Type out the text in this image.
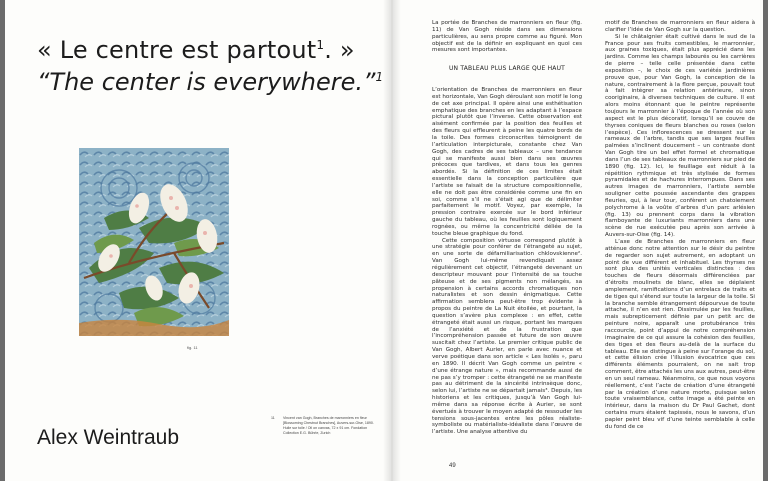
« Le centre est partout$^1$. »
“The center is everywhere.”$^1$
fig. 11
Alex Weintraub
11 Vincent van Gogh, Branches de marronniers en fleur [Blossoming Chestnut Branches], Auvers-sur-Oise, 1890. Huile sur toile / Oil on canvas, 72 x 91 cm. Fondation Collection E.G. Bührle, Zurich

La portée de Branches de marronniers en fleur (fig. 11) de Van Gogh réside dans ses dimensions particulières, au sens propre comme au figuré. Mon objectif est de la définir en expliquant en quoi ces mesures sont importantes.

UN TABLEAU PLUS LARGE QUE HAUT

L’orientation de Branches de marronniers en fleur est horizontale, Van Gogh déroulant son motif le long de cet axe principal. Il opère ainsi une esthétisation emphatique des branches en les adaptant à l’espace pictural plutôt que l’inverse. Cette observation est aisément confirmée par la position des feuilles et des fleurs qui effleurent à peine les quatre bords de la toile. Des formes circonscrites témoignent de l’articulation interpicturale, constante chez Van Gogh, des cadres de ses tableaux – une tendance qui se manifeste aussi bien dans ses œuvres précoces que tardives, et dans tous les genres abordés. Si la définition de ces limites était essentielle dans la conception particulière que l’artiste se faisait de la structure compositionnelle, elle ne doit pas être considérée comme une fin en soi, comme s’il ne s’était agi que de délimiter parfaitement le motif. Voyez, par exemple, la pression contraire exercée sur le bord inférieur gauche du tableau, où les feuilles sont logiquement rognées, ou même la concentricité déliée de la touche bleue graphique du fond.

Cette composition virtuose correspond plutôt à une stratégie pour conférer de l’étrangeté au sujet, en une sorte de défamiliarisation chklovskienne². Van Gogh lui-même revendiquait assez régulièrement cet objectif, l’étrangeté devenant un descripteur mouvant pour l’intensité de sa touche pâteuse et de ses pigments non mélangés, sa propension à certains accords chromatiques non naturalistes et son dessin énigmatique. Cette affirmation semblera peut-être trop évidente à propos du peintre de La Nuit étoilée, et pourtant, la question s’avère plus complexe : en effet, cette étrangeté était aussi un risque, portant les marques de l’anxiété et de la frustration que l’incompréhension passée et future de son œuvre suscitait chez l’artiste. Le premier critique public de Van Gogh, Albert Aurier, en parle avec nuance et verve poétique dans son article « Les Isolés », paru en 1890. Il décrit Van Gogh comme un peintre « d’une étrange nature », mais recommande aussi de ne pas s’y tromper : cette étrangeté ne se manifeste pas au détriment de la sincérité intrinsèque donc, selon lui, l’artiste ne se départait jamais³. Depuis, les historiens et les critiques, jusqu’à Van Gogh lui-même dans sa réponse écrite à Aurier, se sont évertués à trouver le moyen adapté de ressouder les tensions sous-jacentes entre les pôles réaliste-symboliste ou matérialiste-idéaliste dans l’œuvre de l’artiste. Une analyse attentive du

motif de Branches de marronniers en fleur aidera à clarifier l’idée de Van Gogh sur la question.

Si le châtaignier était cultivé dans le sud de la France pour ses fruits comestibles, le marronnier, aux graines toxiques, était plus apprécié dans les jardins. Comme les champs labourés ou les carrières de pierre – telle celle présentée dans cette exposition –, le choix de ces variétés jardinières prouve que, pour Van Gogh, la conception de la nature, contrairement à la flore perçue, pouvait tout à fait intégrer sa relation antérieure, sinon cooriginaire, à diverses techniques de culture. Il est alors moins étonnant que le peintre représente toujours le marronnier à l’époque de l’année où son aspect est le plus décoratif, lorsqu’il se couvre de thyrses coniques de fleurs blanches ou roses (selon l’espèce). Ces inflorescences se dressent sur le rameaux de l’arbre, tandis que ses larges feuilles palmées s’inclinent doucement – un contraste dont Van Gogh tire un bel effet formel et chromatique dans l’un de ses tableaux de marronniers sur pied de 1890 (fig. 12). Ici, le feuillage est réduit à la répétition rythmique et très stylisée de formes pyramidales et de hachures interrompues. Dans ses autres images de marronniers, l’artiste semble souligner cette poussée ascendante des grappes fleuries, qui, à leur tour, confèrent un chatoiement polychrome à la voûte d’arbres d’un parc arlésien (fig. 13) ou prennent corps dans la vibration flamboyante de luxuriants marronniers dans une scène de rue exécutée peu après son arrivée à Auvers-sur-Oise (fig. 14).

L’axe de Branches de marronniers en fleur atténue donc notre attention sur le désir du peintre de regarder son sujet autrement, en adoptant un point de vue différent et inhabituel. Les thyrses ne sont plus des unités verticales distinctes : des touches de fleurs désormais différenciées par d’étroits moulinets de blanc, elles se déplaient amplement, ramifications d’un entrelacs de traits et de tiges qui s’étend sur toute la largeur de la toile. Si la branche semble étrangement dépourvue de toute attache, il n’en est rien. Dissimulée par les feuilles, mais subrepticement définie par un petit arc de peinture noire, apparaît une protubérance très raccourcie, point d’appui de notre compréhension imaginaire de ce qui assure la cohésion des feuilles, des tiges et des fleurs au-delà de la surface du tableau. Elle se distingue à peine sur l’orange du sol, et cette élision crée l’illusion évocatrice que ces différents éléments pourraient, on ne sait trop comment, être attachés les uns aux autres, peut-être en un seul rameau. Néanmoins, ce que nous voyons réellement, c’est l’acte de création d’une étrangeté par la création d’une nature morte, puisque selon toute vraisemblance, cette image a été peinte en intérieur, dans la maison du Dr Paul Gachet, dont certains murs étaient tapissés, nous le savons, d’un papier peint bleu vif d’une teinte semblable à celle du fond de ce

49
